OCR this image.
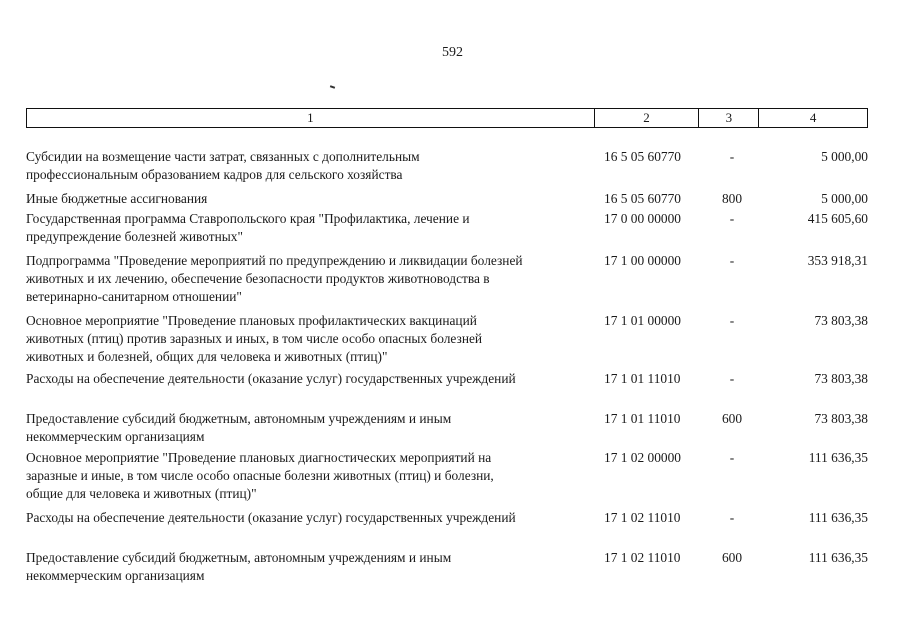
592
1	2	3	4
Субсидии на возмещение части затрат, связанных с дополнительным
профессиональным образованием кадров для сельского хозяйства
16 5 05 60770	-	5 000,00
Иные бюджетные ассигнования	16 5 05 60770	800	5 000,00
Государственная программа Ставропольского края "Профилактика, лечение и
предупреждение болезней животных"
17 0 00 00000	-	415 605,60
Подпрограмма "Проведение мероприятий по предупреждению и ликвидации болезней
животных и их лечению, обеспечение безопасности продуктов животноводства в
ветеринарно-санитарном отношении"
17 1 00 00000	-	353 918,31
Основное мероприятие "Проведение плановых профилактических вакцинаций
животных (птиц) против заразных и иных, в том числе особо опасных болезней
животных и болезней, общих для человека и животных (птиц)"
17 1 01 00000	-	73 803,38
Расходы на обеспечение деятельности (оказание услуг) государственных учреждений	17 1 01 11010	-	73 803,38
Предоставление субсидий бюджетным, автономным учреждениям и иным
некоммерческим организациям
17 1 01 11010	600	73 803,38
Основное мероприятие "Проведение плановых диагностических мероприятий на
заразные и иные, в том числе особо опасные болезни животных (птиц) и болезни,
общие для человека и животных (птиц)"
17 1 02 00000	-	111 636,35
Расходы на обеспечение деятельности (оказание услуг) государственных учреждений	17 1 02 11010	-	111 636,35
Предоставление субсидий бюджетным, автономным учреждениям и иным
некоммерческим организациям
17 1 02 11010	600	111 636,35
